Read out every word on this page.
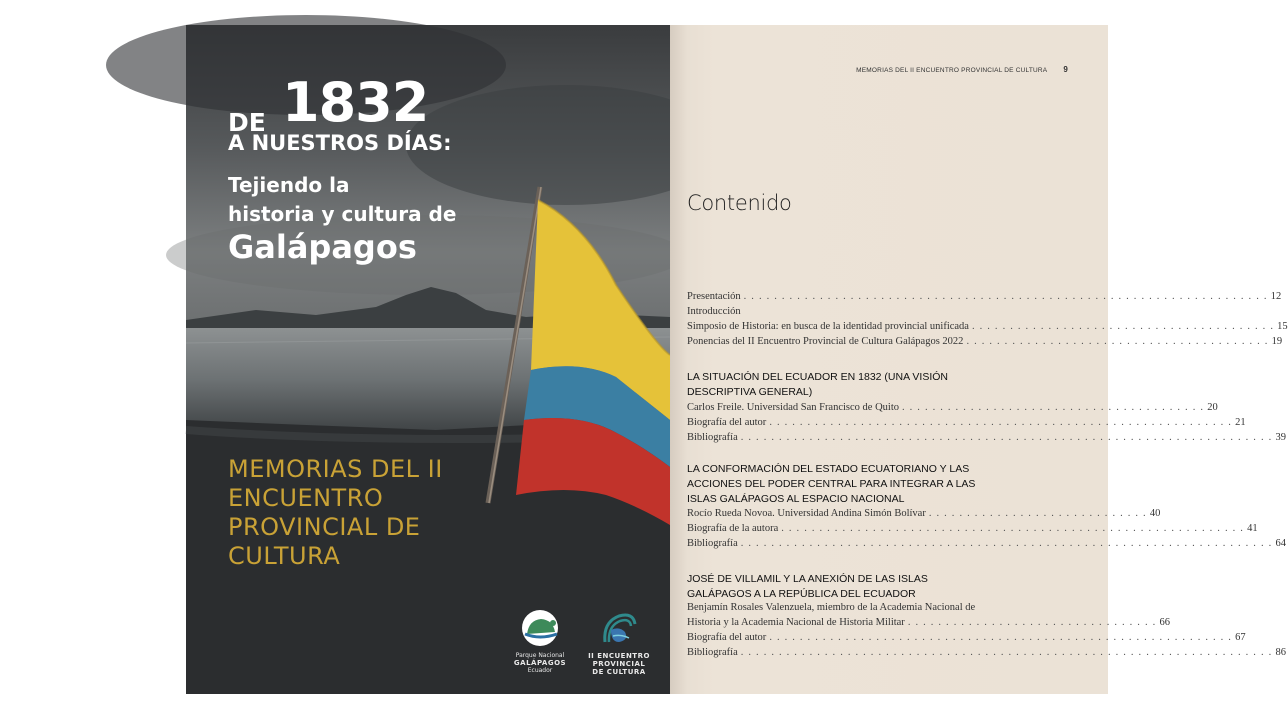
DE 1832
A NUESTROS DÍAS:
Tejiendo la
historia y cultura de
Galápagos
MEMORIAS DEL II
ENCUENTRO
PROVINCIAL DE
CULTURA
Parque Nacional
GALÁPAGOS
Ecuador
II ENCUENTRO
PROVINCIAL
DE CULTURA
MEMORIAS DEL II ENCUENTRO PROVINCIAL DE CULTURA 9
Contenido
Presentación . . . . . . . . . . . . . . . . . . . . . . . . . . . . . . . . . . . . . . . . . . . . . . . . . . . . . . . . . . . . . . . . . . . . . 12
Introducción
Simposio de Historia: en busca de la identidad provincial unificada . . . . . . . . . . . . . . . . . . . . . . . . . . . . . . . . . . . . . . . . 15
Ponencias del II Encuentro Provincial de Cultura Galápagos 2022 . . . . . . . . . . . . . . . . . . . . . . . . . . . . . . . . . . . . . . . . 19
LA SITUACIÓN DEL ECUADOR EN 1832 (UNA VISIÓN
DESCRIPTIVA GENERAL)
Carlos Freile. Universidad San Francisco de Quito . . . . . . . . . . . . . . . . . . . . . . . . . . . . . . . . . . . . . . . . 20
Biografía del autor . . . . . . . . . . . . . . . . . . . . . . . . . . . . . . . . . . . . . . . . . . . . . . . . . . . . . . . . . . . . . 21
Bibliografía . . . . . . . . . . . . . . . . . . . . . . . . . . . . . . . . . . . . . . . . . . . . . . . . . . . . . . . . . . . . . . . . . . . . . . 39
LA CONFORMACIÓN DEL ESTADO ECUATORIANO Y LAS
ACCIONES DEL PODER CENTRAL PARA INTEGRAR A LAS
ISLAS GALÁPAGOS AL ESPACIO NACIONAL
Rocío Rueda Novoa. Universidad Andina Simón Bolívar . . . . . . . . . . . . . . . . . . . . . . . . . . . . . 40
Biografía de la autora . . . . . . . . . . . . . . . . . . . . . . . . . . . . . . . . . . . . . . . . . . . . . . . . . . . . . . . . . . . . . 41
Bibliografía . . . . . . . . . . . . . . . . . . . . . . . . . . . . . . . . . . . . . . . . . . . . . . . . . . . . . . . . . . . . . . . . . . . . . . 64
JOSÉ DE VILLAMIL Y LA ANEXIÓN DE LAS ISLAS
GALÁPAGOS A LA REPÚBLICA DEL ECUADOR
Benjamín Rosales Valenzuela, miembro de la Academia Nacional de
Historia y la Academia Nacional de Historia Militar . . . . . . . . . . . . . . . . . . . . . . . . . . . . . . . . . 66
Biografía del autor . . . . . . . . . . . . . . . . . . . . . . . . . . . . . . . . . . . . . . . . . . . . . . . . . . . . . . . . . . . . . 67
Bibliografía . . . . . . . . . . . . . . . . . . . . . . . . . . . . . . . . . . . . . . . . . . . . . . . . . . . . . . . . . . . . . . . . . . . . . . 86
